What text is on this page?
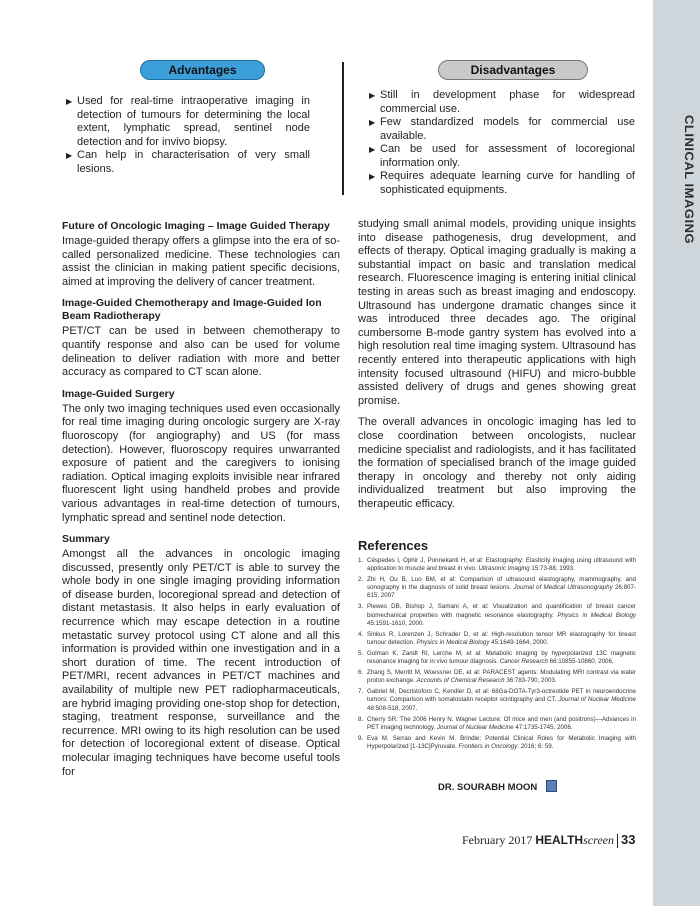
CLINICAL IMAGING
Advantages	Disadvantages
▶ Used for real-time intraoperative imaging in detection of tumours for determining the local extent, lymphatic spread, sentinel node detection and for invivo biopsy.
▶ Can help in characterisation of very small lesions.
▶ Still in development phase for widespread commercial use.
▶ Few standardized models for commercial use available.
▶ Can be used for assessment of locoregional information only.
▶ Requires adequate learning curve for handling of sophisticated equipments.
Future of Oncologic Imaging – Image Guided Therapy

Image-guided therapy offers a glimpse into the era of so-called personalized medicine. These technologies can assist the clinician in making patient specific decisions, aimed at improving the delivery of cancer treatment.

Image-Guided Chemotherapy and Image-Guided Ion Beam Radiotherapy

PET/CT can be used in between chemotherapy to quantify response and also can be used for volume delineation to deliver radiation with more and better accuracy as compared to CT scan alone.

Image-Guided Surgery

The only two imaging techniques used even occasionally for real time imaging during oncologic surgery are X-ray fluoroscopy (for angiography) and US (for mass detection). However, fluoroscopy requires unwarranted exposure of patient and the caregivers to ionising radiation. Optical imaging exploits invisible near infrared fluorescent light using handheld probes and provide various advantages in real-time detection of tumours, lymphatic spread and sentinel node detection.

Summary

Amongst all the advances in oncologic imaging discussed, presently only PET/CT is able to survey the whole body in one single imaging providing information of disease burden, locoregional spread and detection of distant metastasis. It also helps in early evaluation of recurrence which may escape detection in a routine metastatic survey protocol using CT alone and all this information is provided within one investigation and in a short duration of time. The recent introduction of PET/MRI, recent advances in PET/CT machines and availability of multiple new PET radiopharmaceuticals, are hybrid imaging providing one-stop shop for detection, staging, treatment response, surveillance and the recurrence. MRI owing to its high resolution can be used for detection of locoregional extent of disease. Optical molecular imaging techniques have become useful tools for

studying small animal models, providing unique insights into disease pathogenesis, drug development, and effects of therapy. Optical imaging gradually is making a substantial impact on basic and translation medical research. Fluorescence imaging is entering initial clinical testing in areas such as breast imaging and endoscopy. Ultrasound has undergone dramatic changes since it was introduced three decades ago. The original cumbersome B-mode gantry system has evolved into a high resolution real time imaging system. Ultrasound has recently entered into therapeutic applications with high intensity focused ultrasound (HIFU) and micro-bubble assisted delivery of drugs and genes showing great promise.

The overall advances in oncologic imaging has led to close coordination between oncologists, nuclear medicine specialist and radiologists, and it has facilitated the formation of specialised branch of the image guided therapy in oncology and thereby not only aiding individualized treatment but also improving the therapeutic efficacy.

References
1. Céspedes I, Ophir J, Ponnekanti H, et al: Elastography: Elasticity imaging using ultrasound with application to muscle and breast in vivo. Ultrasonic Imaging 15:73-88, 1993.
2. Zhi H, Ou B, Luo BM, et al: Comparison of ultrasound elastography, mammography, and sonography in the diagnosis of solid breast lesions. Journal of Medical Ultrasonography 26:807-815, 2007
3. Plewes DB, Bishop J, Samani A, et al: Visualization and quantification of breast cancer biomechanical properties with magnetic resonance elastography. Physics in Medical Biology 45:1591-1610, 2000.
4. Sinkus R, Lorenzen J, Schrader D, et al: High-resolution tensor MR elastography for breast tumour detection. Physics in Medical Biology 45:1649-1664, 2000.
5. Golman K, Zandt RI, Lerche M, et al: Metabolic imaging by hyperpolarized 13C magnetic resonance imaging for in vivo tumour diagnosis. Cancer Research 66:10855-10860, 2006.
6. Zhang S, Merritt M, Woessner DE, et al: PARACEST agents: Modulating MRI contrast via water proton exchange. Accounts of Chemical Research 36:783-790, 2003.
7. Gabriel M, Decristoforo C, Kendler D, et al: 68Ga-DOTA-Tyr3-octreotide PET in neuroendocrine tumors: Comparison with somatostatin receptor scintigraphy and CT. Journal of Nuclear Medicine 48:508-518, 2007.
8. Cherry SR: The 2006 Henry N. Wagner Lecture: Of mice and men (and positrons)—Advances in PET imaging technology. Journal of Nuclear Medicine 47:1735-1745, 2006.
9. Eva M. Serrao and Kevin M. Brindle: Potential Clinical Roles for Metabolic Imaging with Hyperpolarized [1-13C]Pyruvate. Frontiers in Oncology. 2016; 6: 59.
DR. SOURABH MOON
February 2017 HEALTHscreen 33
